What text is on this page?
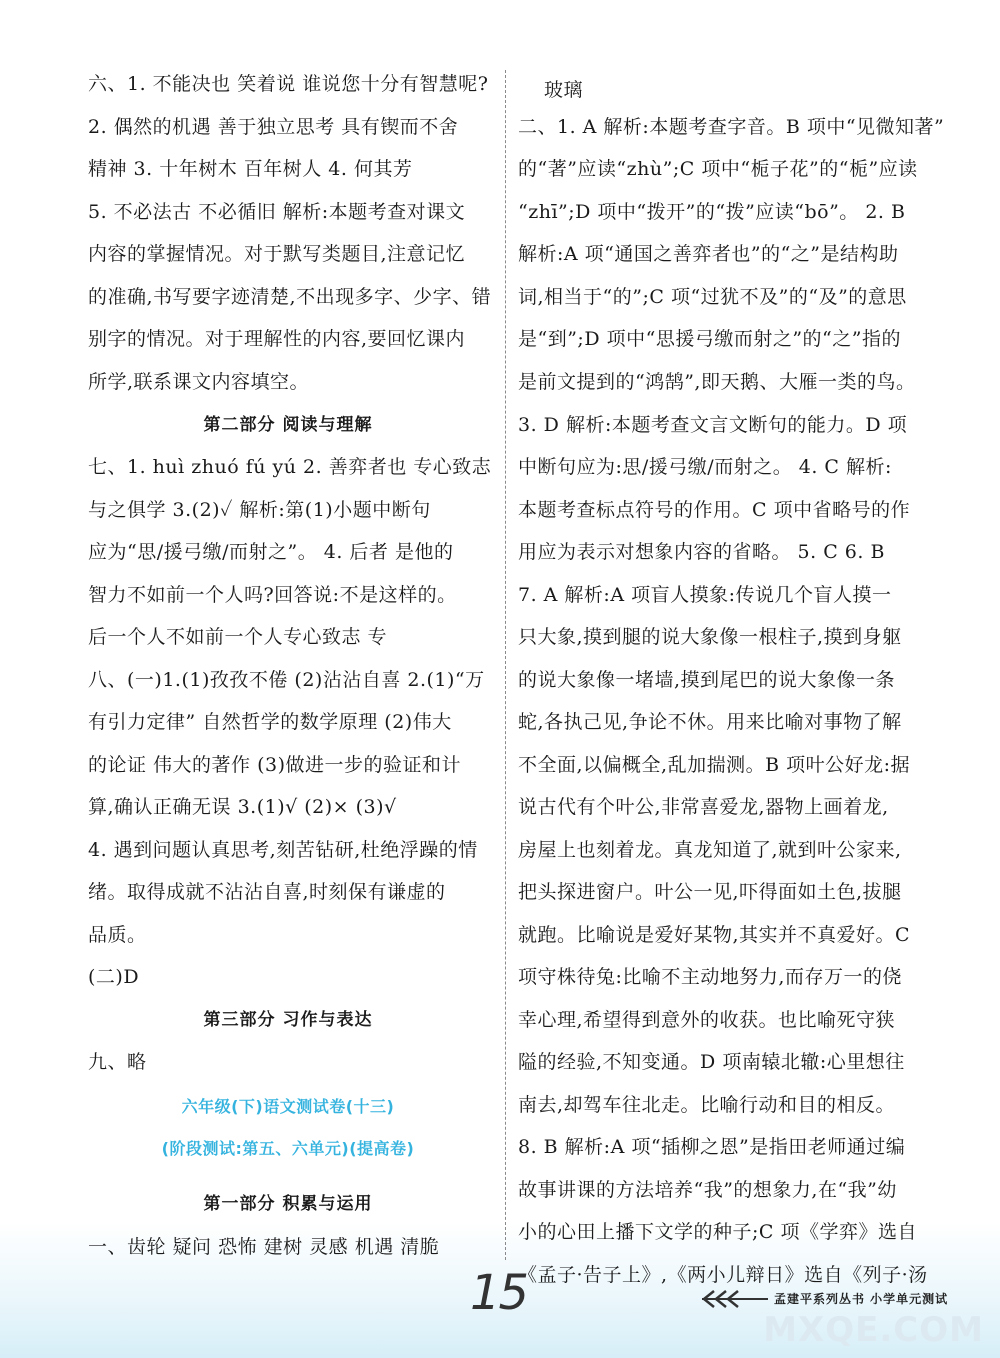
六、1. 不能决也 笑着说 谁说您十分有智慧呢?
2. 偶然的机遇 善于独立思考 具有锲而不舍
精神 3. 十年树木 百年树人 4. 何其芳
5. 不必法古 不必循旧 解析:本题考查对课文
内容的掌握情况。对于默写类题目,注意记忆
的准确,书写要字迹清楚,不出现多字、少字、错
别字的情况。对于理解性的内容,要回忆课内
所学,联系课文内容填空。
第二部分 阅读与理解
七、1. huì zhuó fú yú 2. 善弈者也 专心致志
与之俱学 3.(2)✓ 解析:第(1)小题中断句
应为“思/援弓缴/而射之”。 4. 后者 是他的
智力不如前一个人吗?回答说:不是这样的。
后一个人不如前一个人专心致志 专
八、(一)1.(1)孜孜不倦 (2)沾沾自喜 2.(1)“万
有引力定律” 自然哲学的数学原理 (2)伟大
的论证 伟大的著作 (3)做进一步的验证和计
算,确认正确无误 3.(1)√ (2)× (3)√
4. 遇到问题认真思考,刻苦钻研,杜绝浮躁的情
绪。取得成就不沾沾自喜,时刻保有谦虚的
品质。
(二)D
第三部分 习作与表达
九、略
六年级(下)语文测试卷(十三)
(阶段测试:第五、六单元)(提高卷)
第一部分 积累与运用
一、齿轮 疑问 恐怖 建树 灵感 机遇 清脆
玻璃
二、1. A 解析:本题考查字音。B 项中“见微知著”
的“著”应读“zhù”;C 项中“栀子花”的“栀”应读
“zhī”;D 项中“拨开”的“拨”应读“bō”。 2. B
解析:A 项“通国之善弈者也”的“之”是结构助
词,相当于“的”;C 项“过犹不及”的“及”的意思
是“到”;D 项中“思援弓缴而射之”的“之”指的
是前文提到的“鸿鹄”,即天鹅、大雁一类的鸟。
3. D 解析:本题考查文言文断句的能力。D 项
中断句应为:思/援弓缴/而射之。 4. C 解析:
本题考查标点符号的作用。C 项中省略号的作
用应为表示对想象内容的省略。 5. C 6. B
7. A 解析:A 项盲人摸象:传说几个盲人摸一
只大象,摸到腿的说大象像一根柱子,摸到身躯
的说大象像一堵墙,摸到尾巴的说大象像一条
蛇,各执己见,争论不休。用来比喻对事物了解
不全面,以偏概全,乱加揣测。B 项叶公好龙:据
说古代有个叶公,非常喜爱龙,器物上画着龙,
房屋上也刻着龙。真龙知道了,就到叶公家来,
把头探进窗户。叶公一见,吓得面如土色,拔腿
就跑。比喻说是爱好某物,其实并不真爱好。C
项守株待兔:比喻不主动地努力,而存万一的侥
幸心理,希望得到意外的收获。也比喻死守狭
隘的经验,不知变通。D 项南辕北辙:心里想往
南去,却驾车往北走。比喻行动和目的相反。
8. B 解析:A 项“插柳之恩”是指田老师通过编
故事讲课的方法培养“我”的想象力,在“我”幼
小的心田上播下文学的种子;C 项《学弈》选自
《孟子·告子上》,《两小儿辩日》选自《列子·汤
孟建平系列丛书 小学单元测试
15
MXQE.COM
